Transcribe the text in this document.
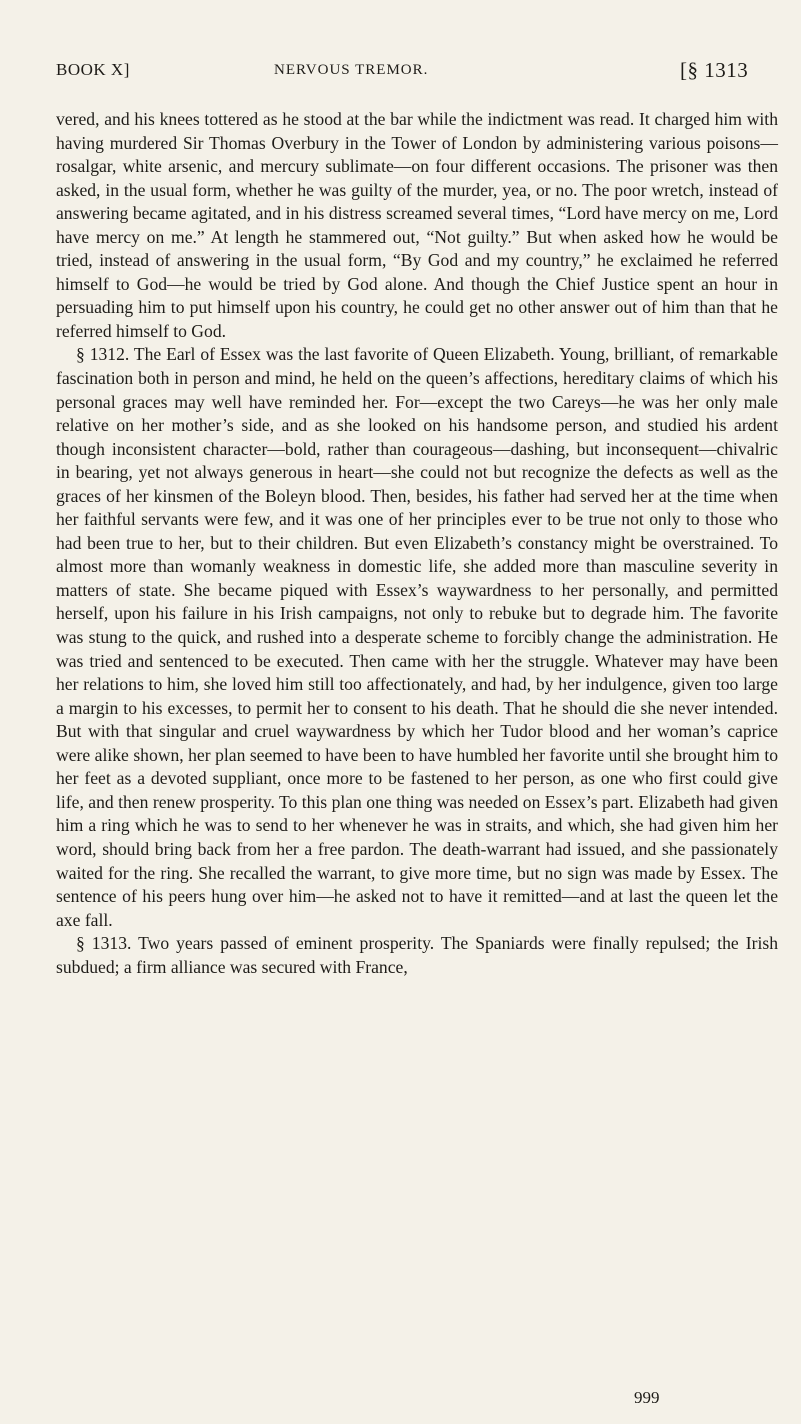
BOOK X]	NERVOUS TREMOR.	[§ 1313

vered, and his knees tottered as he stood at the bar while the indictment was read. It charged him with having murdered Sir Thomas Overbury in the Tower of London by administering various poisons—rosalgar, white arsenic, and mercury sublimate—on four different occasions. The prisoner was then asked, in the usual form, whether he was guilty of the murder, yea, or no. The poor wretch, instead of answering became agitated, and in his distress screamed several times, “Lord have mercy on me, Lord have mercy on me.” At length he stammered out, “Not guilty.” But when asked how he would be tried, instead of answering in the usual form, “By God and my country,” he exclaimed he referred himself to God—he would be tried by God alone. And though the Chief Justice spent an hour in persuading him to put himself upon his country, he could get no other answer out of him than that he referred himself to God.

§ 1312. The Earl of Essex was the last favorite of Queen Elizabeth. Young, brilliant, of remarkable fascination both in person and mind, he held on the queen’s affections, hereditary claims of which his personal graces may well have reminded her. For—except the two Careys—he was her only male relative on her mother’s side, and as she looked on his handsome person, and studied his ardent though inconsistent character—bold, rather than courageous—dashing, but inconsequent—chivalric in bearing, yet not always generous in heart—she could not but recognize the defects as well as the graces of her kinsmen of the Boleyn blood. Then, besides, his father had served her at the time when her faithful servants were few, and it was one of her principles ever to be true not only to those who had been true to her, but to their children. But even Elizabeth’s constancy might be overstrained. To almost more than womanly weakness in domestic life, she added more than masculine severity in matters of state. She became piqued with Essex’s waywardness to her personally, and permitted herself, upon his failure in his Irish campaigns, not only to rebuke but to degrade him. The favorite was stung to the quick, and rushed into a desperate scheme to forcibly change the administration. He was tried and sentenced to be executed. Then came with her the struggle. Whatever may have been her relations to him, she loved him still too affectionately, and had, by her indulgence, given too large a margin to his excesses, to permit her to consent to his death. That he should die she never intended. But with that singular and cruel waywardness by which her Tudor blood and her woman’s caprice were alike shown, her plan seemed to have been to have humbled her favorite until she brought him to her feet as a devoted suppliant, once more to be fastened to her person, as one who first could give life, and then renew prosperity. To this plan one thing was needed on Essex’s part. Elizabeth had given him a ring which he was to send to her whenever he was in straits, and which, she had given him her word, should bring back from her a free pardon. The death-warrant had issued, and she passionately waited for the ring. She recalled the warrant, to give more time, but no sign was made by Essex. The sentence of his peers hung over him—he asked not to have it remitted—and at last the queen let the axe fall.

§ 1313. Two years passed of eminent prosperity. The Spaniards were finally repulsed; the Irish subdued; a firm alliance was secured with France,

999
